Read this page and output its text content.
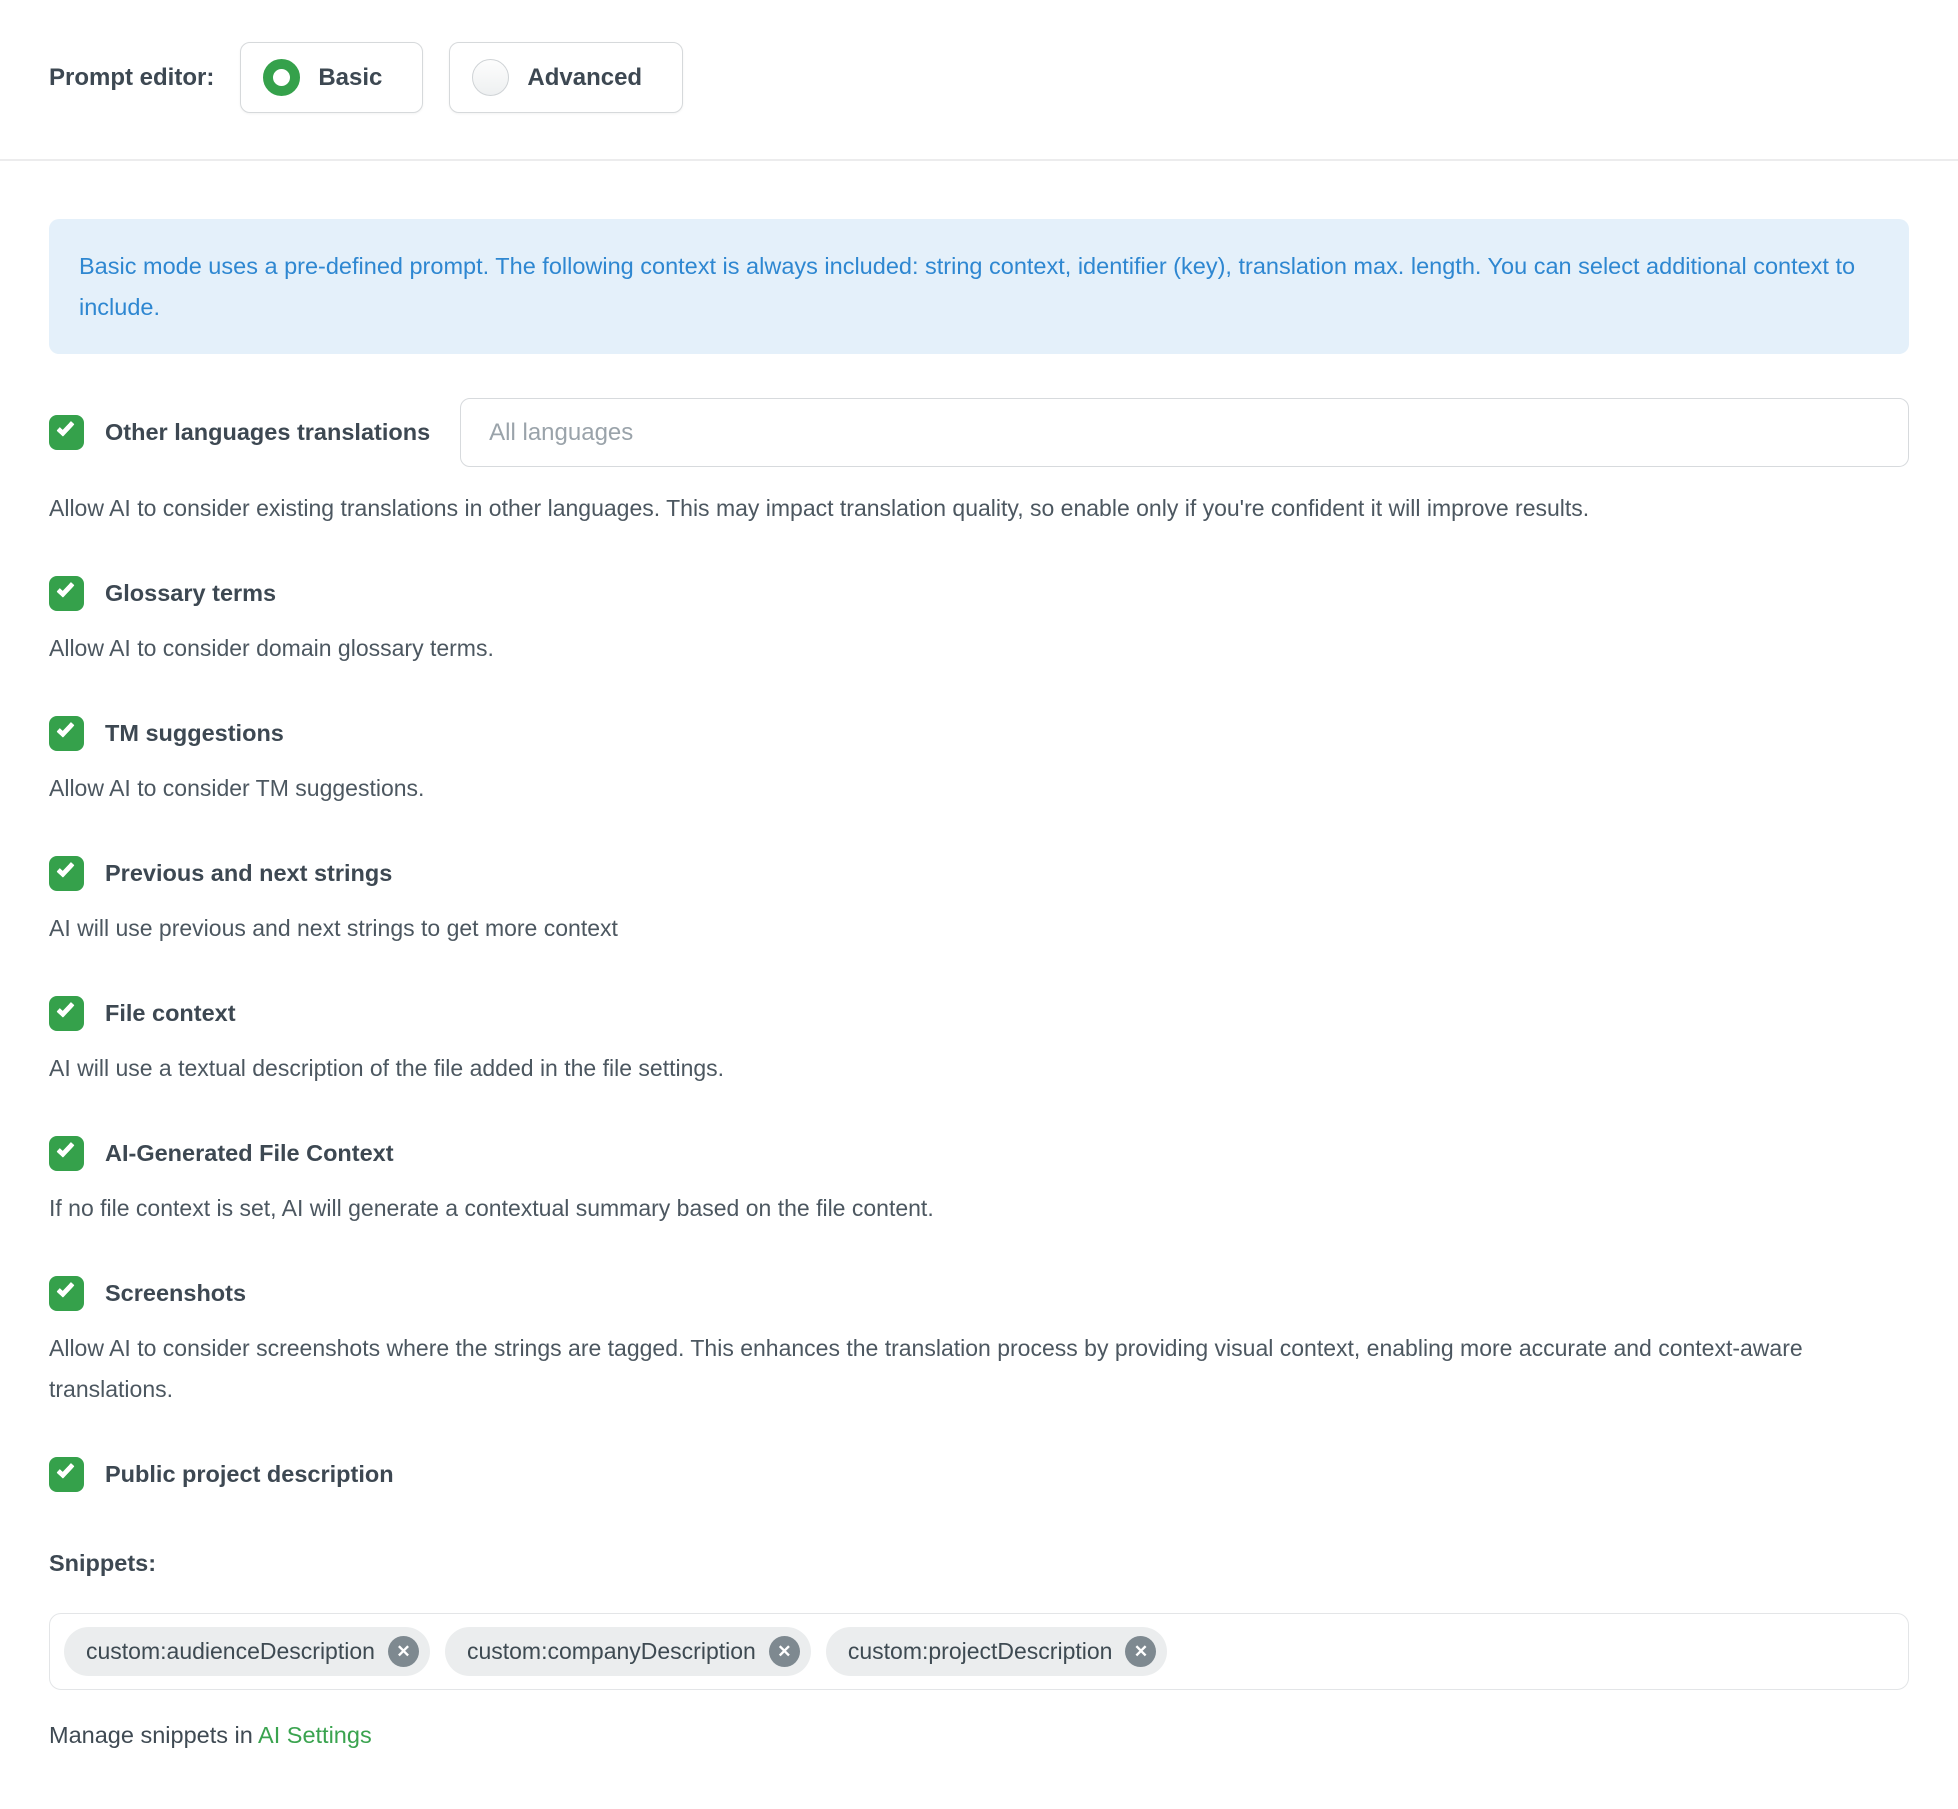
Prompt editor:	Basic	Advanced
Basic mode uses a pre-defined prompt. The following context is always included: string context, identifier (key), translation max. length. You can select additional context to include.
Other languages translations
All languages

Allow AI to consider existing translations in other languages. This may impact translation quality, so enable only if you're confident it will improve results.

Glossary terms

Allow AI to consider domain glossary terms.

TM suggestions

Allow AI to consider TM suggestions.

Previous and next strings

AI will use previous and next strings to get more context

File context

AI will use a textual description of the file added in the file settings.

AI-Generated File Context

If no file context is set, AI will generate a contextual summary based on the file content.

Screenshots

Allow AI to consider screenshots where the strings are tagged. This enhances the translation process by providing visual context, enabling more accurate and context-aware translations.

Public project description
Snippets:
custom:audienceDescription	✕	custom:companyDescription	✕	custom:projectDescription	✕
Manage snippets in AI Settings
